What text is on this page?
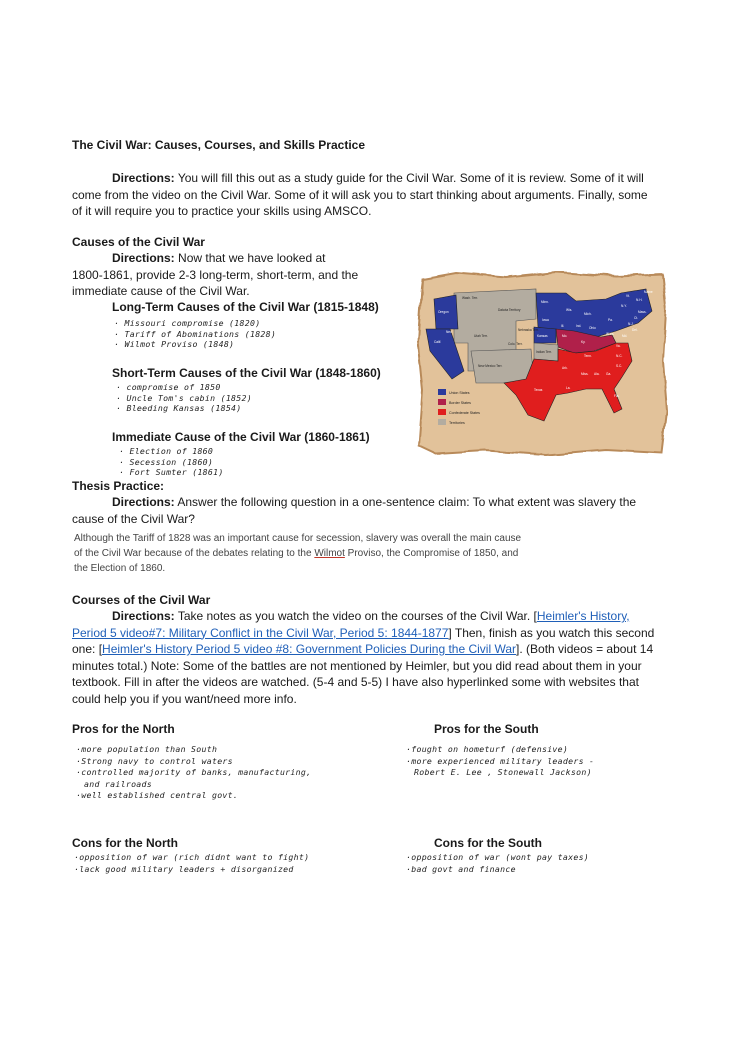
The Civil War: Causes, Courses, and Skills Practice
Directions: You will fill this out as a study guide for the Civil War. Some of it is review. Some of it will
come from the video on the Civil War. Some of it will ask you to start thinking about arguments. Finally, some
of it will require you to practice your skills using AMSCO.
Causes of the Civil War
Directions: Now that we have looked at
1800-1861, provide 2-3 long-term, short-term, and the
immediate cause of the Civil War.
Long-Term Causes of the Civil War (1815-1848)
· Missouri compromise (1820)
· Tariff of Abominations (1828)
· Wilmot Proviso (1848)
Short-Term Causes of the Civil War (1848-1860)
· compromise of 1850
· Uncle Tom's cabin (1852)
· Bleeding Kansas (1854)
Immediate Cause of the Civil War (1860-1861)
· Election of 1860
· Secession (1860)
· Fort Sumter (1861)
Union States
Border States
Confederate States
Territories
Wash. Terr.
Oregon	Dakota Territory
Minn.
Nebraska Terr.
Utah Terr.
Colo. Terr.
Kansas
New Mexico Terr.
Indian Terr.
Calif.
Nev.
Iowa
Wis.
Mich.
Ill.	Ind. Ohio
Pa.
N.Y.
Vt.
N.H.
Maine
Mass.
Ct.
N.J.
Del.
Md.
Ky.
Mo.	W.Va.
Va.
Tenn.	N.C.
S.C.
Ga.
Ala.
Miss.
Ark.
La.
Texas
Fla.
Thesis Practice:
Directions: Answer the following question in a one-sentence claim: To what extent was slavery the
cause of the Civil War?
Although the Tariff of 1828 was an important cause for secession, slavery was overall the main cause
of the Civil War because of the debates relating to the Wilmot Proviso, the Compromise of 1850, and
the Election of 1860.
Courses of the Civil War
Directions: Take notes as you watch the video on the courses of the Civil War. [Heimler's History,
Period 5 video#7: Military Conflict in the Civil War, Period 5: 1844-1877] Then, finish as you watch this second
one: [Heimler's History Period 5 video #8: Government Policies During the Civil War]. (Both videos = about 14
minutes total.) Note: Some of the battles are not mentioned by Heimler, but you did read about them in your
textbook. Fill in after the videos are watched. (5-4 and 5-5) I have also hyperlinked some with websites that
could help you if you want/need more info.
Pros for the North
·more population than South
·Strong navy to control waters
·controlled majority of banks, manufacturing,
and railroads
·well established central govt.
Pros for the South
·fought on hometurf (defensive)
·more experienced military leaders -
Robert E. Lee , Stonewall Jackson)
Cons for the North
·opposition of war (rich didnt want to fight)
·lack good military leaders + disorganized
Cons for the South
·opposition of war (wont pay taxes)
·bad govt and finance
